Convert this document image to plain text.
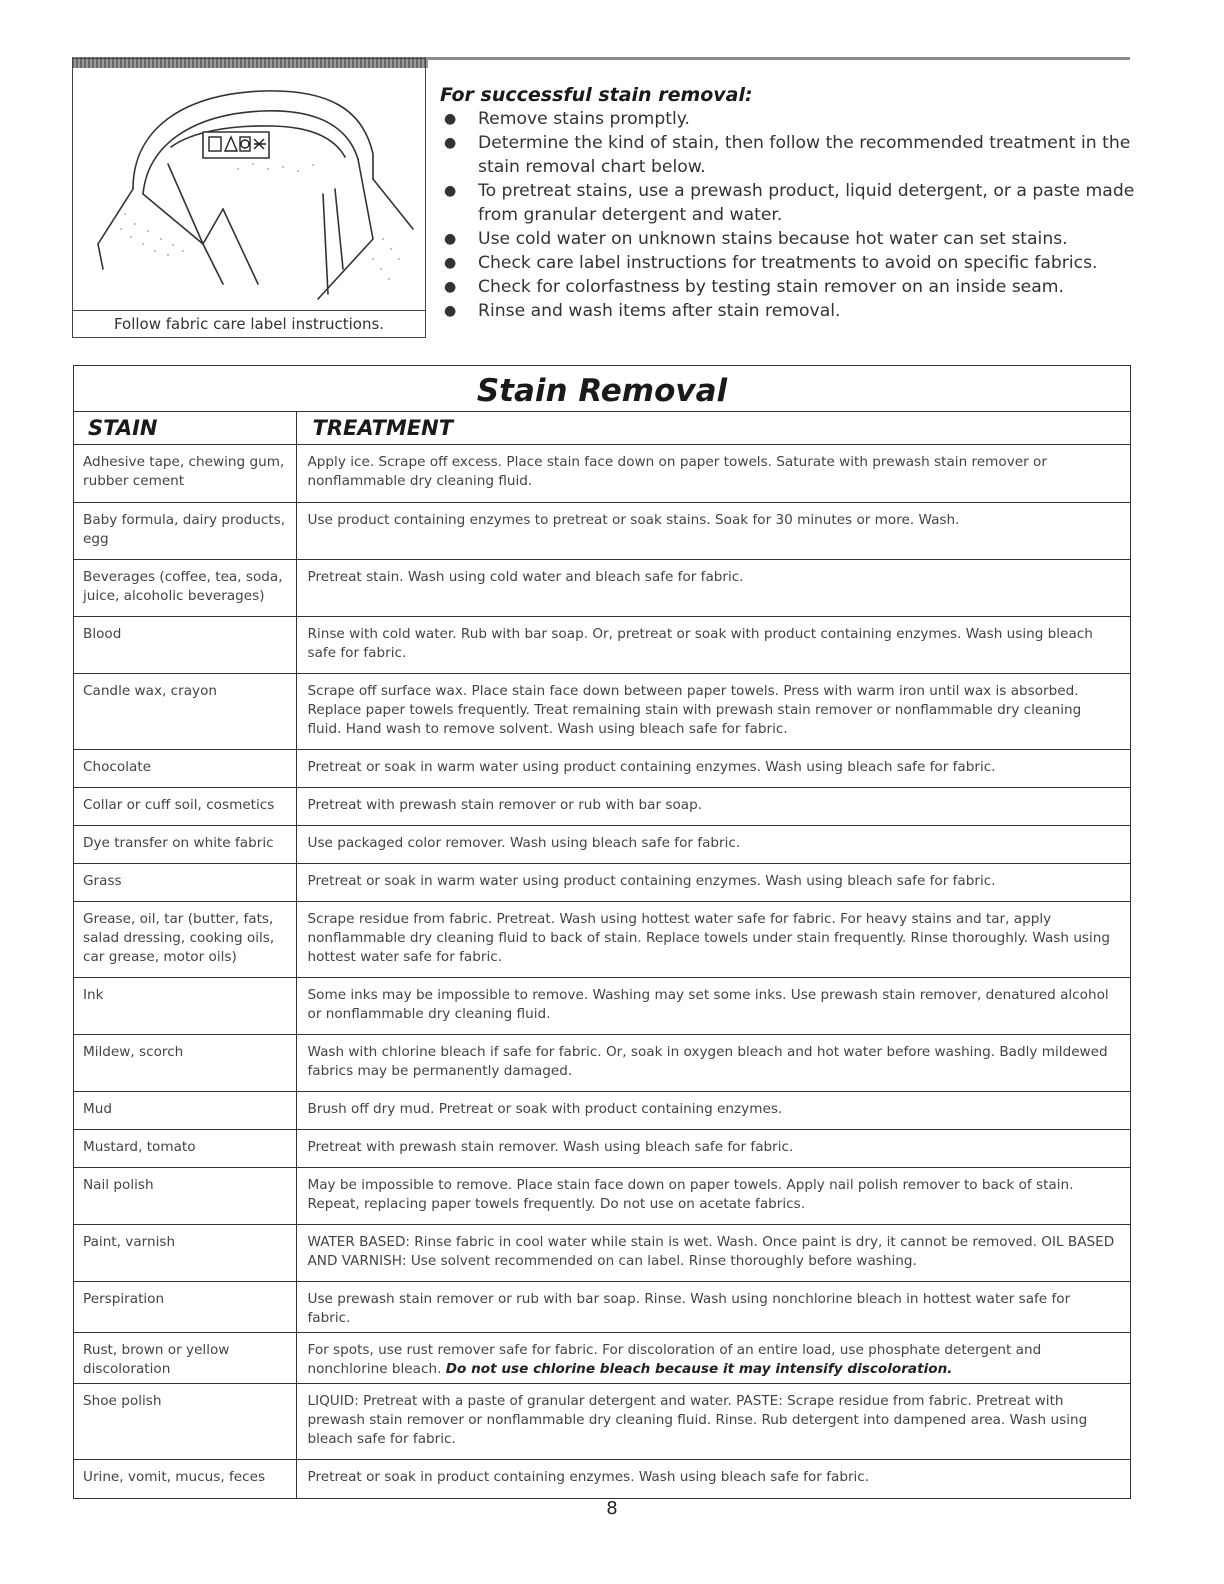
Follow fabric care label instructions.
For successful stain removal:
● Remove stains promptly.
● Determine the kind of stain, then follow the recommended treatment in the stain removal chart below.
● To pretreat stains, use a prewash product, liquid detergent, or a paste made from granular detergent and water.
● Use cold water on unknown stains because hot water can set stains.
● Check care label instructions for treatments to avoid on specific fabrics.
● Check for colorfastness by testing stain remover on an inside seam.
● Rinse and wash items after stain removal.
Stain Removal
STAIN	TREATMENT
Adhesive tape, chewing gum, rubber cement	Apply ice. Scrape off excess. Place stain face down on paper towels. Saturate with prewash stain remover or nonflammable dry cleaning fluid.
Baby formula, dairy products, egg	Use product containing enzymes to pretreat or soak stains. Soak for 30 minutes or more. Wash.
Beverages (coffee, tea, soda, juice, alcoholic beverages)	Pretreat stain. Wash using cold water and bleach safe for fabric.
Blood	Rinse with cold water. Rub with bar soap. Or, pretreat or soak with product containing enzymes. Wash using bleach safe for fabric.
Candle wax, crayon	Scrape off surface wax. Place stain face down between paper towels. Press with warm iron until wax is absorbed. Replace paper towels frequently. Treat remaining stain with prewash stain remover or nonflammable dry cleaning fluid. Hand wash to remove solvent. Wash using bleach safe for fabric.
Chocolate	Pretreat or soak in warm water using product containing enzymes. Wash using bleach safe for fabric.
Collar or cuff soil, cosmetics	Pretreat with prewash stain remover or rub with bar soap.
Dye transfer on white fabric	Use packaged color remover. Wash using bleach safe for fabric.
Grass	Pretreat or soak in warm water using product containing enzymes. Wash using bleach safe for fabric.
Grease, oil, tar (butter, fats, salad dressing, cooking oils, car grease, motor oils)	Scrape residue from fabric. Pretreat. Wash using hottest water safe for fabric. For heavy stains and tar, apply nonflammable dry cleaning fluid to back of stain. Replace towels under stain frequently. Rinse thoroughly. Wash using hottest water safe for fabric.
Ink	Some inks may be impossible to remove. Washing may set some inks. Use prewash stain remover, denatured alcohol or nonflammable dry cleaning fluid.
Mildew, scorch	Wash with chlorine bleach if safe for fabric. Or, soak in oxygen bleach and hot water before washing. Badly mildewed fabrics may be permanently damaged.
Mud	Brush off dry mud. Pretreat or soak with product containing enzymes.
Mustard, tomato	Pretreat with prewash stain remover. Wash using bleach safe for fabric.
Nail polish	May be impossible to remove. Place stain face down on paper towels. Apply nail polish remover to back of stain. Repeat, replacing paper towels frequently. Do not use on acetate fabrics.
Paint, varnish	WATER BASED: Rinse fabric in cool water while stain is wet. Wash. Once paint is dry, it cannot be removed. OIL BASED AND VARNISH: Use solvent recommended on can label. Rinse thoroughly before washing.
Perspiration	Use prewash stain remover or rub with bar soap. Rinse. Wash using nonchlorine bleach in hottest water safe for fabric.
Rust, brown or yellow discoloration	For spots, use rust remover safe for fabric. For discoloration of an entire load, use phosphate detergent and nonchlorine bleach. Do not use chlorine bleach because it may intensify discoloration.
Shoe polish	LIQUID: Pretreat with a paste of granular detergent and water. PASTE: Scrape residue from fabric. Pretreat with prewash stain remover or nonflammable dry cleaning fluid. Rinse. Rub detergent into dampened area. Wash using bleach safe for fabric.
Urine, vomit, mucus, feces	Pretreat or soak in product containing enzymes. Wash using bleach safe for fabric.
8
